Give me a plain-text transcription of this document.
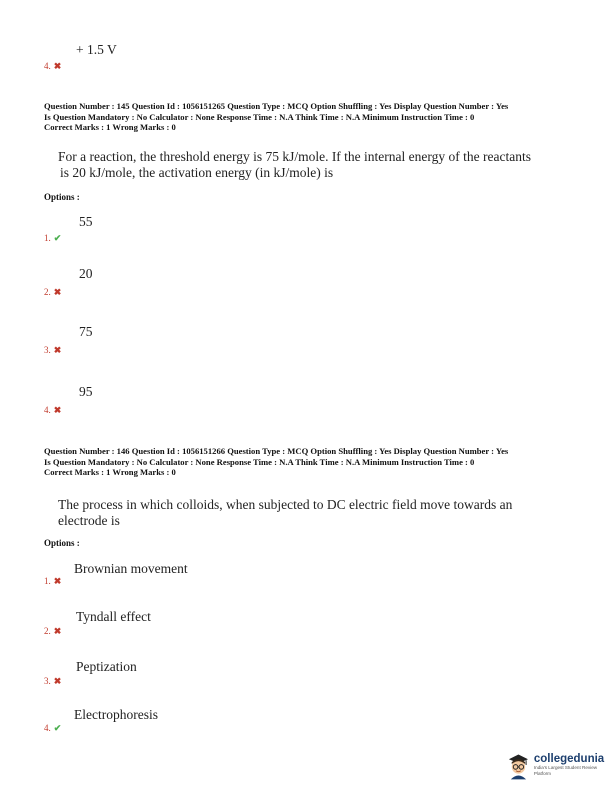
+ 1.5 V
4. ✖
Question Number : 145 Question Id : 1056151265 Question Type : MCQ Option Shuffling : Yes Display Question Number : Yes
Is Question Mandatory : No Calculator : None Response Time : N.A Think Time : N.A Minimum Instruction Time : 0
Correct Marks : 1 Wrong Marks : 0
For a reaction, the threshold energy is 75 kJ/mole. If the internal energy of the reactants
is 20 kJ/mole, the activation energy (in kJ/mole) is
Options :
55
1. ✔
20
2. ✖
75
3. ✖
95
4. ✖
Question Number : 146 Question Id : 1056151266 Question Type : MCQ Option Shuffling : Yes Display Question Number : Yes
Is Question Mandatory : No Calculator : None Response Time : N.A Think Time : N.A Minimum Instruction Time : 0
Correct Marks : 1 Wrong Marks : 0
The process in which colloids, when subjected to DC electric field move towards an
electrode is
Options :
Brownian movement
1. ✖
Tyndall effect
2. ✖
Peptization
3. ✖
Electrophoresis
4. ✔
collegedunia
India's Largest Student Review Platform
